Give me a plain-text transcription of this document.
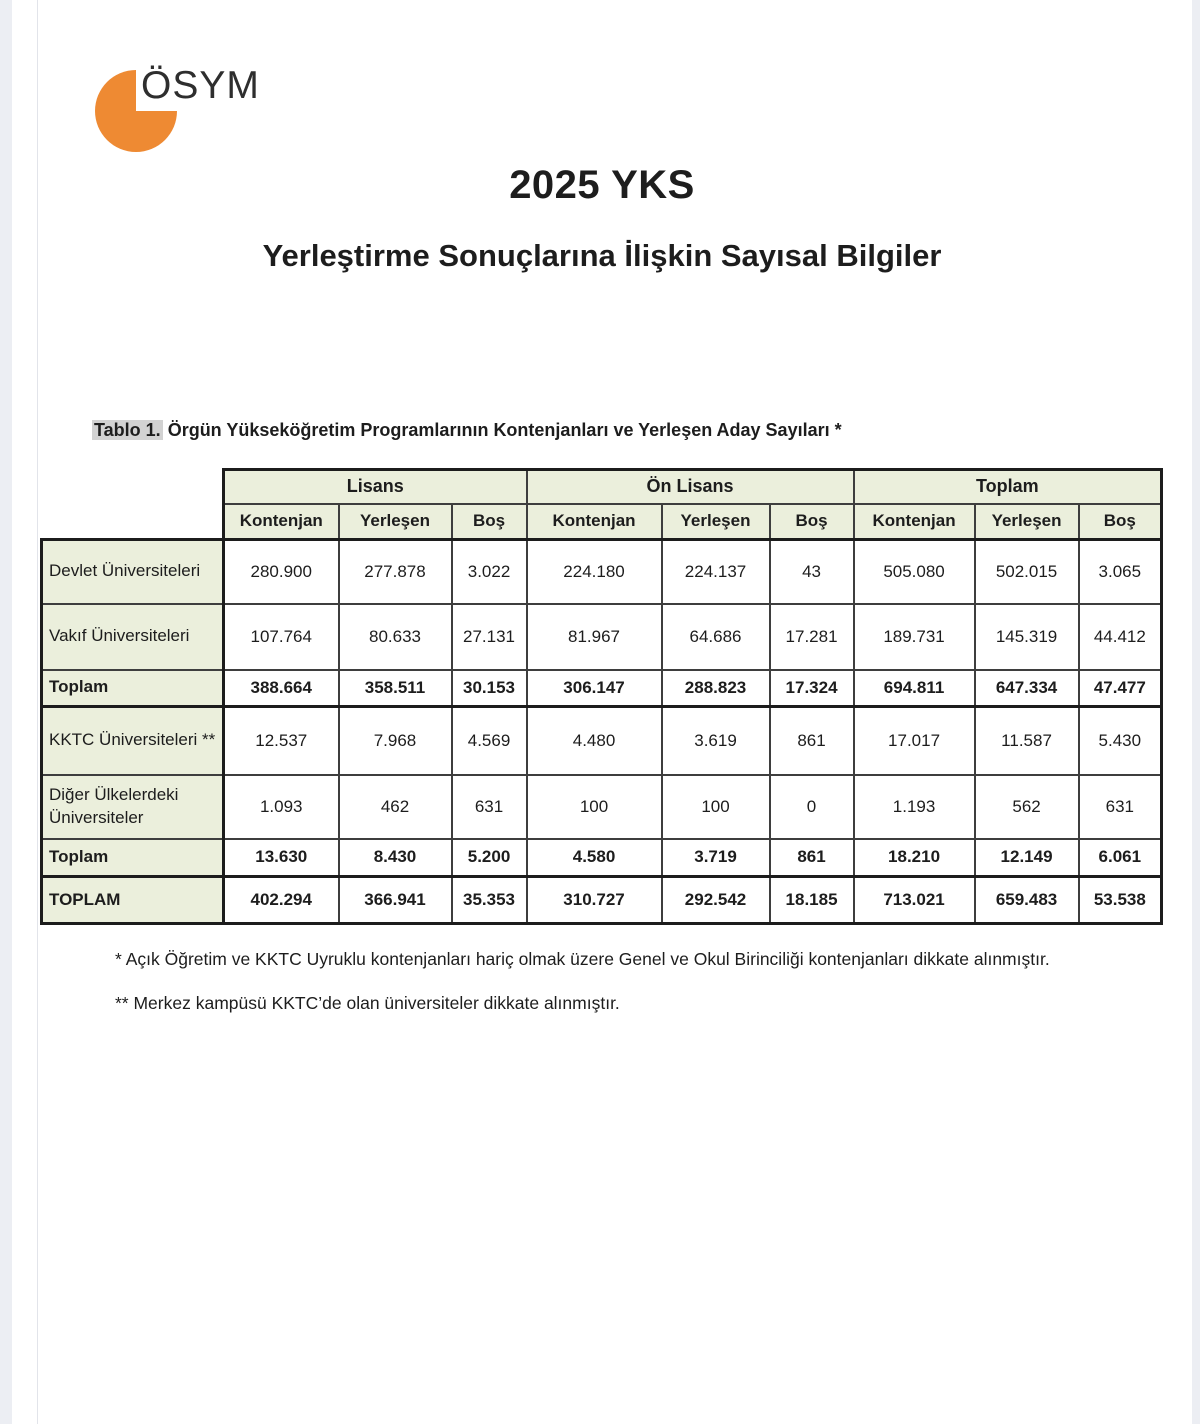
ÖSYM
2025 YKS
Yerleştirme Sonuçlarına İlişkin Sayısal Bilgiler
Tablo 1. Örgün Yükseköğretim Programlarının Kontenjanları ve Yerleşen Aday Sayıları *
	Lisans			Ön Lisans			Toplam		
	Kontenjan	Yerleşen	Boş	Kontenjan	Yerleşen	Boş	Kontenjan	Yerleşen	Boş
Devlet Üniversiteleri	280.900	277.878	3.022	224.180	224.137	43	505.080	502.015	3.065
Vakıf Üniversiteleri	107.764	80.633	27.131	81.967	64.686	17.281	189.731	145.319	44.412
Toplam	388.664	358.511	30.153	306.147	288.823	17.324	694.811	647.334	47.477
KKTC Üniversiteleri **	12.537	7.968	4.569	4.480	3.619	861	17.017	11.587	5.430
Diğer Ülkelerdeki Üniversiteler	1.093	462	631	100	100	0	1.193	562	631
Toplam	13.630	8.430	5.200	4.580	3.719	861	18.210	12.149	6.061
TOPLAM	402.294	366.941	35.353	310.727	292.542	18.185	713.021	659.483	53.538

* Açık Öğretim ve KKTC Uyruklu kontenjanları hariç olmak üzere Genel ve Okul Birinciliği kontenjanları dikkate alınmıştır.

** Merkez kampüsü KKTC’de olan üniversiteler dikkate alınmıştır.
